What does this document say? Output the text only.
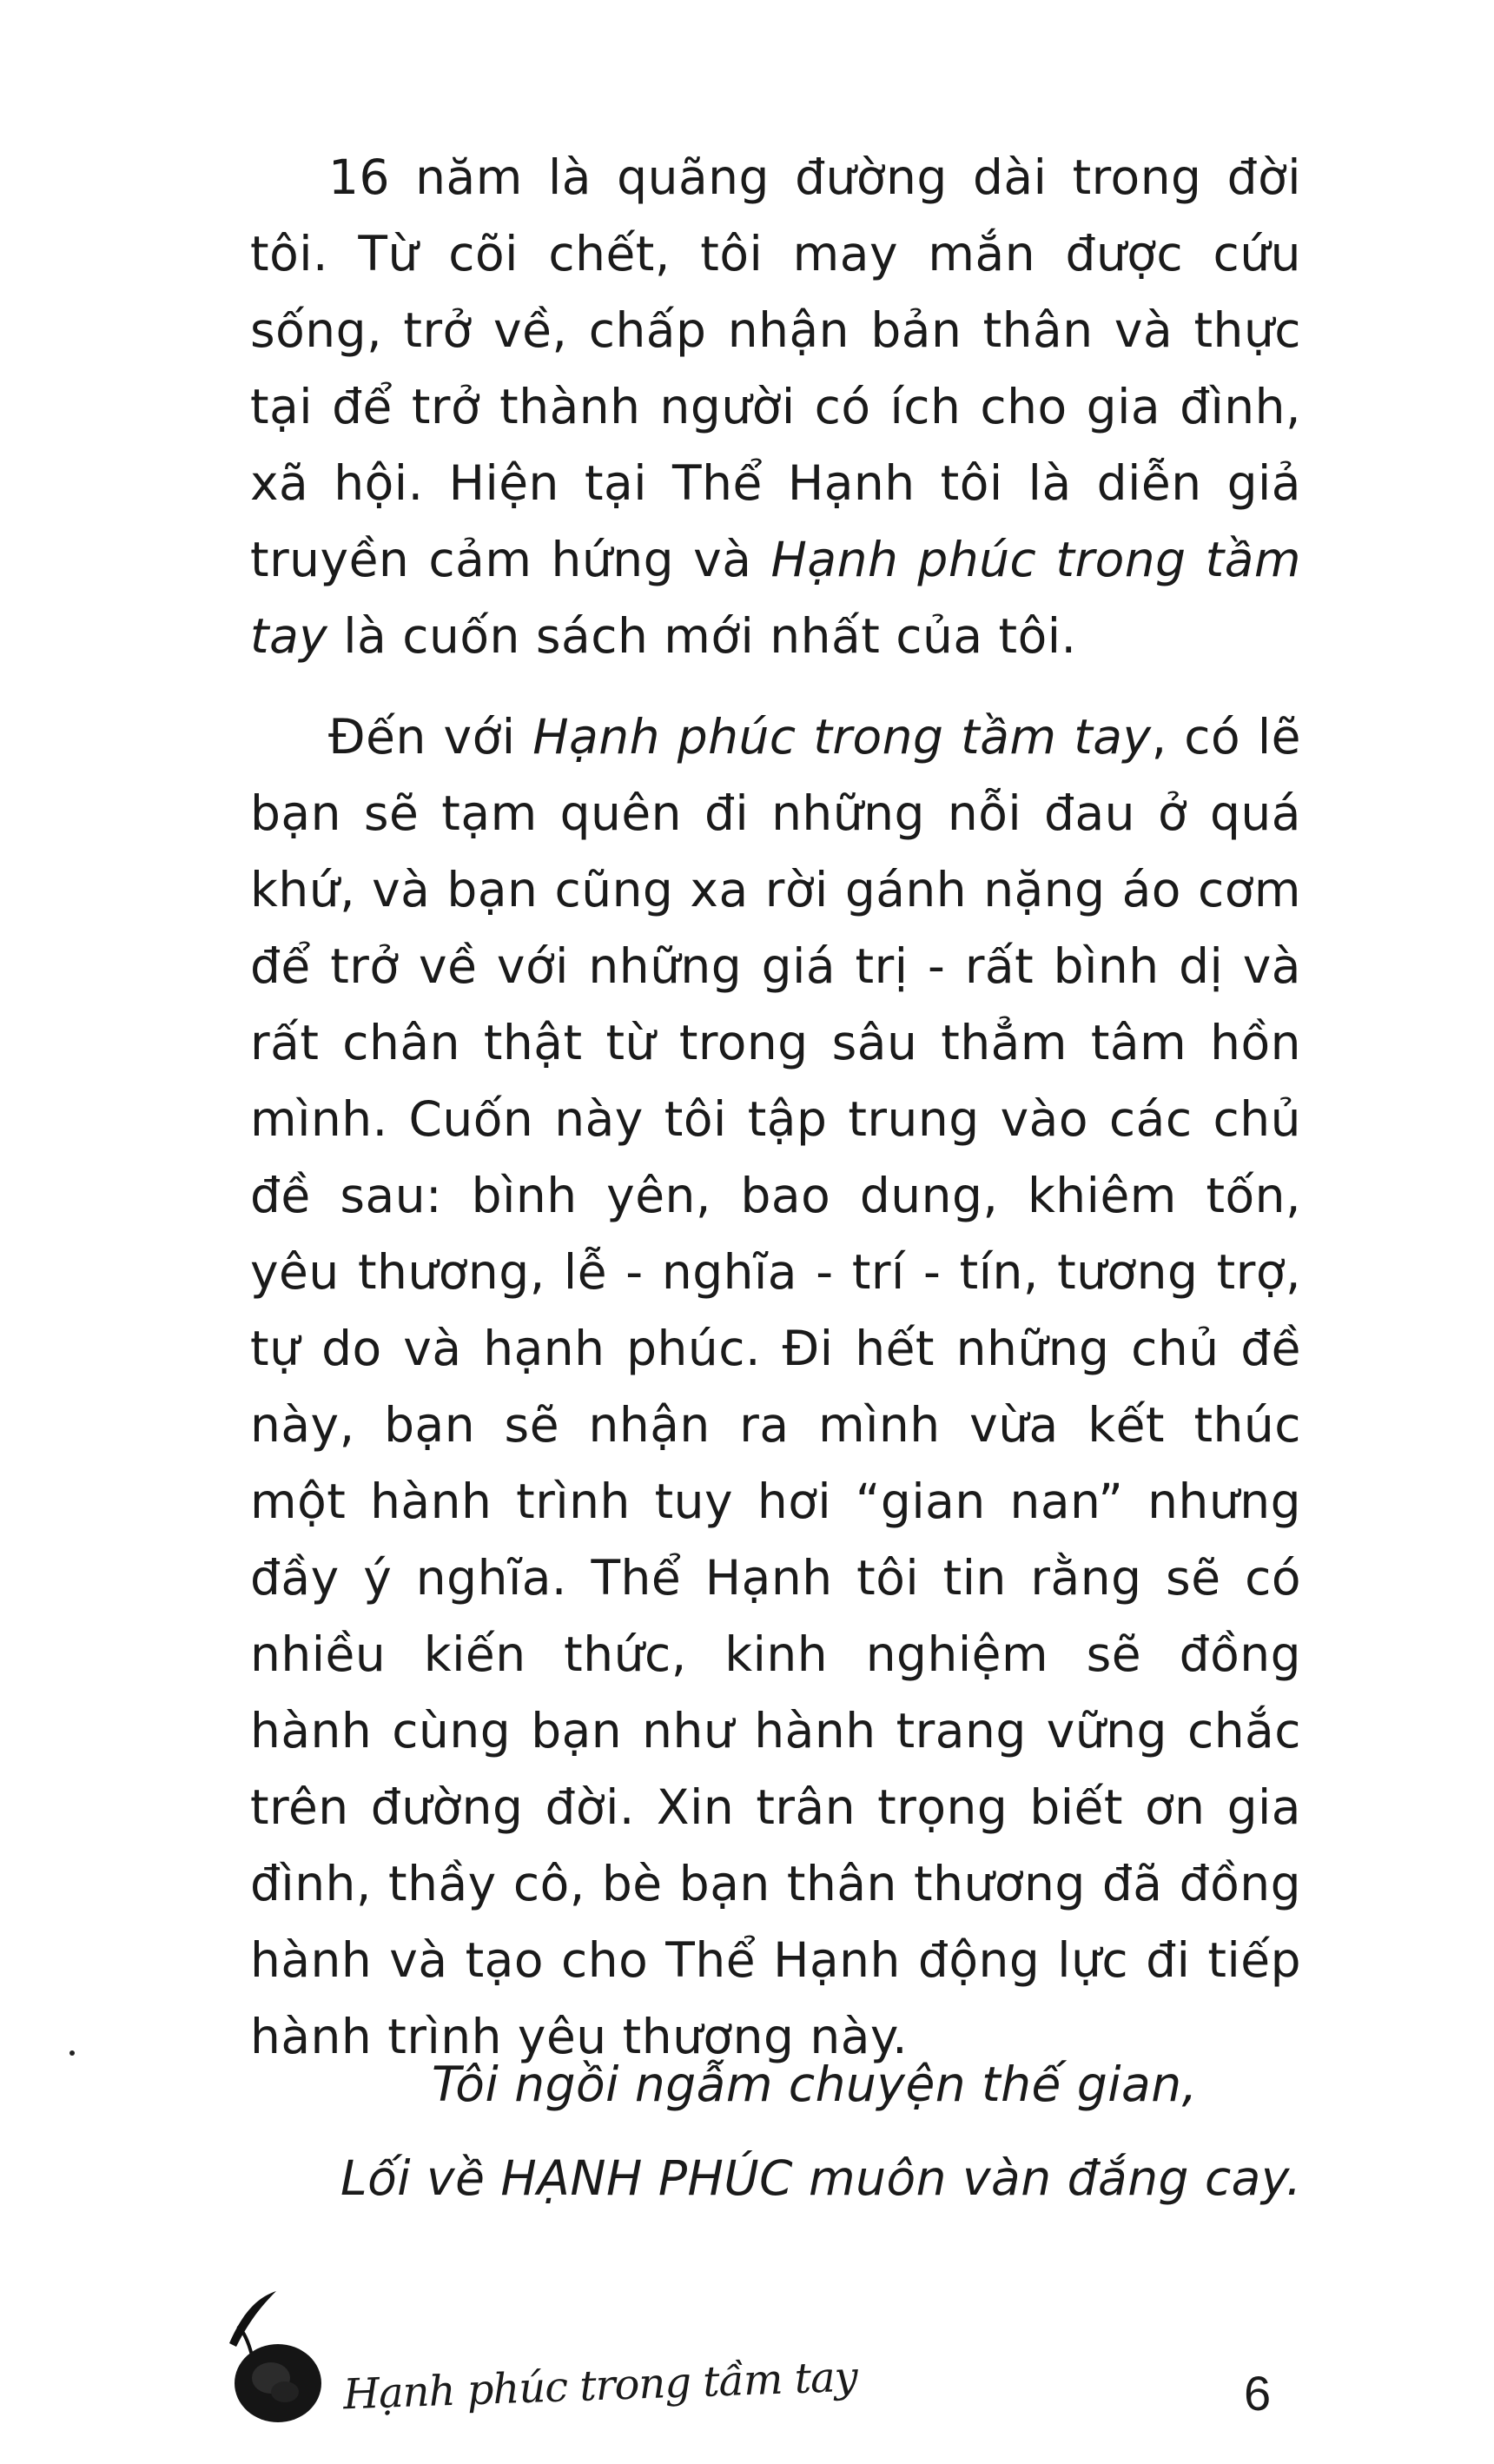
16 năm là quãng đường dài trong đời tôi. Từ cõi chết, tôi may mắn được cứu sống, trở về, chấp nhận bản thân và thực tại để trở thành người có ích cho gia đình, xã hội. Hiện tại Thể Hạnh tôi là diễn giả truyền cảm hứng và Hạnh phúc trong tầm tay là cuốn sách mới nhất của tôi.

Đến với Hạnh phúc trong tầm tay, có lẽ bạn sẽ tạm quên đi những nỗi đau ở quá khứ, và bạn cũng xa rời gánh nặng áo cơm để trở về với những giá trị - rất bình dị và rất chân thật từ trong sâu thẳm tâm hồn mình. Cuốn này tôi tập trung vào các chủ đề sau: bình yên, bao dung, khiêm tốn, yêu thương, lễ - nghĩa - trí - tín, tương trợ, tự do và hạnh phúc. Đi hết những chủ đề này, bạn sẽ nhận ra mình vừa kết thúc một hành trình tuy hơi “gian nan” nhưng đầy ý nghĩa. Thể Hạnh tôi tin rằng sẽ có nhiều kiến thức, kinh nghiệm sẽ đồng hành cùng bạn như hành trang vững chắc trên đường đời. Xin trân trọng biết ơn gia đình, thầy cô, bè bạn thân thương đã đồng hành và tạo cho Thể Hạnh động lực đi tiếp hành trình yêu thương này.

Tôi ngồi ngẫm chuyện thế gian,
Lối về HẠNH PHÚC muôn vàn đắng cay.
Hạnh phúc trong tầm tay	6
